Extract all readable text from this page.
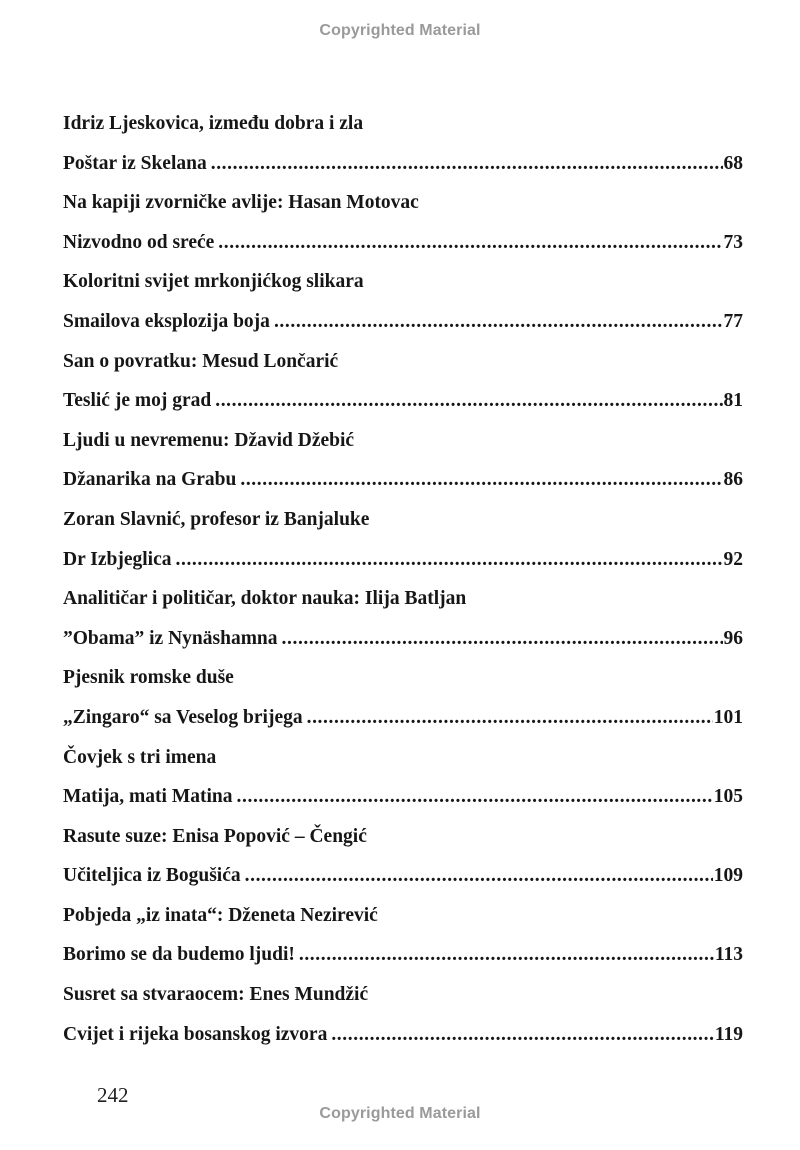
Copyrighted Material
Idriz Ljeskovica, između dobra i zla
Poštar iz Skelana .....	68
Na kapiji zvorničke avlije: Hasan Motovac
Nizvodno od sreće .....	73
Koloritni svijet mrkonjićkog slikara
Smailova eksplozija boja .....	77
San o povratku: Mesud Lončarić
Teslić je moj grad .....	81
Ljudi u nevremenu: Džavid Džebić
Džanarika na Grabu .....	86
Zoran Slavnić, profesor iz Banjaluke
Dr Izbjeglica .....	92
Analitičar i političar, doktor nauka: Ilija Batljan
”Obama” iz Nynäshamna .....	96
Pjesnik romske duše
„Zingaro“ sa Veselog brijega .....	101
Čovjek s tri imena
Matija, mati Matina .....	105
Rasute suze: Enisa Popović – Čengić
Učiteljica iz Bogušića .....	109
Pobjeda „iz inata“: Dženeta Nezirević
Borimo se da budemo ljudi! .....	113
Susret sa stvaraocem: Enes Mundžić
Cvijet i rijeka bosanskog izvora .....	119
242
Copyrighted Material
